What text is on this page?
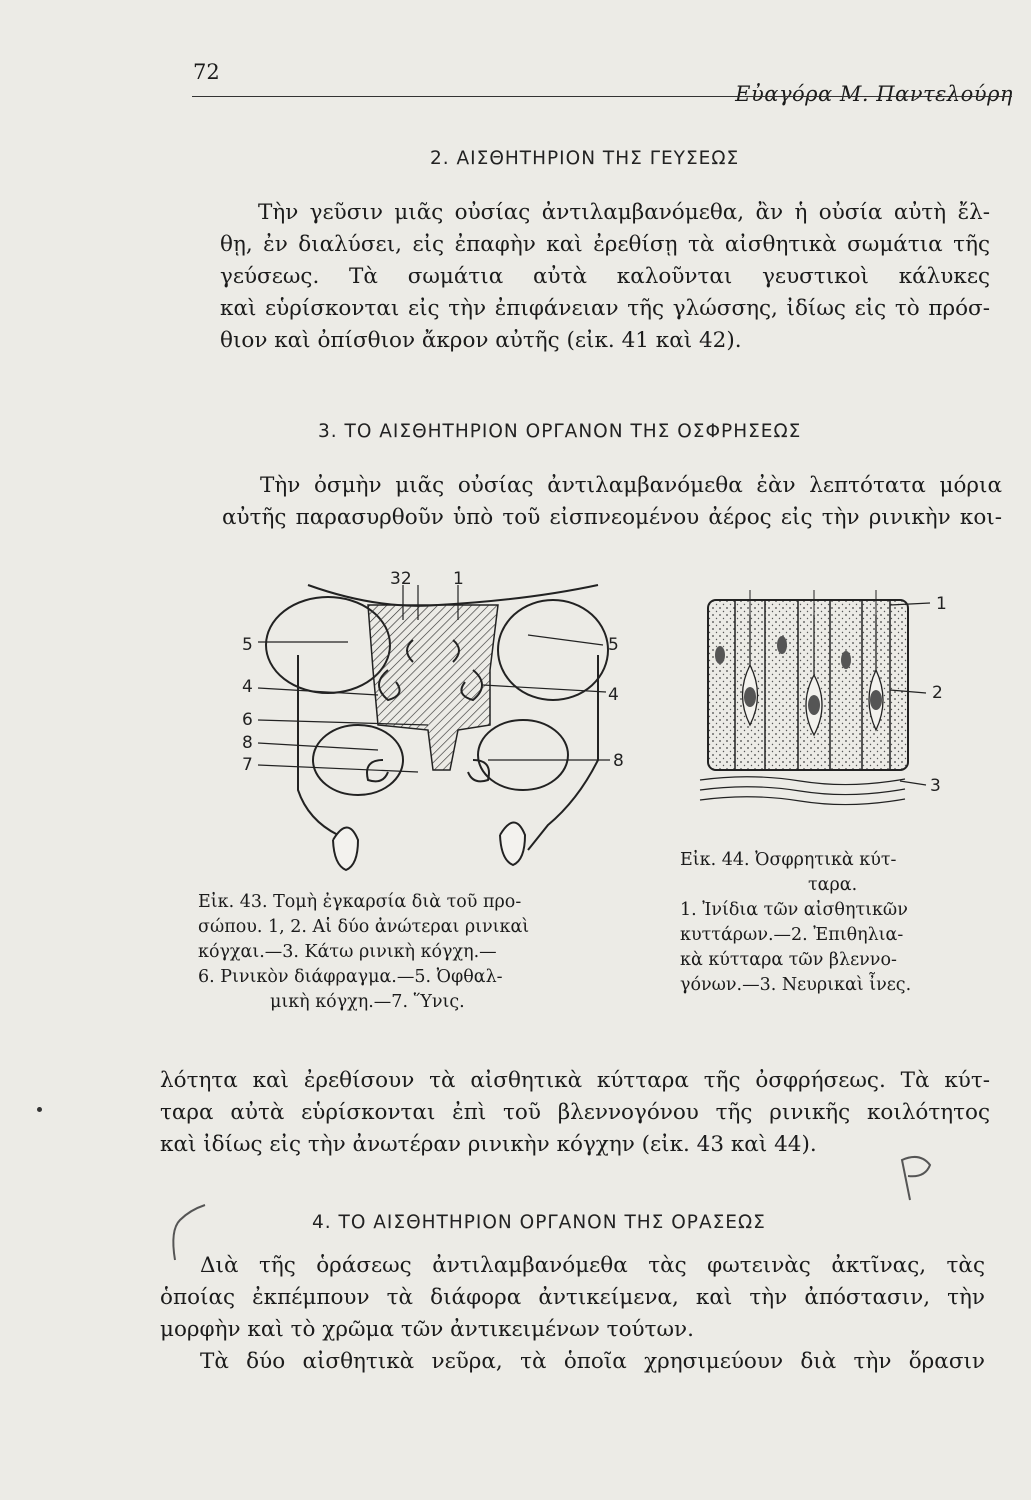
72
Εὐαγόρα Μ. Παντελούρη
2. ΑΙΣΘΗΤΗΡΙΟΝ ΤΗΣ ΓΕΥΣΕΩΣ
Τὴν γεῦσιν μιᾶς οὐσίας ἀντιλαμβανόμεθα, ἂν ἡ οὐσία αὐτὴ ἔλ-
θῃ, ἐν διαλύσει, εἰς ἐπαφὴν καὶ ἐρεθίσῃ τὰ αἰσθητικὰ σωμάτια τῆς
γεύσεως. Τὰ σωμάτια αὐτὰ καλοῦνται γευστικοὶ κάλυκες
καὶ εὑρίσκονται εἰς τὴν ἐπιφάνειαν τῆς γλώσσης, ἰδίως εἰς τὸ πρόσ-
θιον καὶ ὀπίσθιον ἄκρον αὐτῆς (εἰκ. 41 καὶ 42).
3. ΤΟ ΑΙΣΘΗΤΗΡΙΟΝ ΟΡΓΑΝΟΝ ΤΗΣ ΟΣΦΡΗΣΕΩΣ
Τὴν ὀσμὴν μιᾶς οὐσίας ἀντιλαμβανόμεθα ἐὰν λεπτότατα μόρια
αὐτῆς παρασυρθοῦν ὑπὸ τοῦ εἰσπνεομένου ἀέρος εἰς τὴν ρινικὴν κοι-
32 1
5	5
4	4
6
8
8
7
Εἰκ. 43. Τομὴ ἐγκαρσία διὰ τοῦ προ-
σώπου. 1, 2. Αἱ δύο ἀνώτεραι ρινικαὶ
κόγχαι.—3. Κάτω ρινικὴ κόγχη.—
6. Ρινικὸν διάφραγμα.—5. Ὀφθαλ-
μικὴ κόγχη.—7. Ὕνις.
1
2
3
Εἰκ. 44. Ὀσφρητικὰ κύτ-
ταρα.
1. Ἰνίδια τῶν αἰσθητικῶν
κυττάρων.—2. Ἐπιθηλια-
κὰ κύτταρα τῶν βλεννο-
γόνων.—3. Νευρικαὶ ἶνες.
λότητα καὶ ἐρεθίσουν τὰ αἰσθητικὰ κύτταρα τῆς ὀσφρήσεως. Τὰ κύτ-
ταρα αὐτὰ εὑρίσκονται ἐπὶ τοῦ βλεννογόνου τῆς ρινικῆς κοιλότητος
καὶ ἰδίως εἰς τὴν ἀνωτέραν ρινικὴν κόγχην (εἰκ. 43 καὶ 44).
4. ΤΟ ΑΙΣΘΗΤΗΡΙΟΝ ΟΡΓΑΝΟΝ ΤΗΣ ΟΡΑΣΕΩΣ
Διὰ τῆς ὁράσεως ἀντιλαμβανόμεθα τὰς φωτεινὰς ἀκτῖνας, τὰς
ὁποίας ἐκπέμπουν τὰ διάφορα ἀντικείμενα, καὶ τὴν ἀπόστασιν, τὴν
μορφὴν καὶ τὸ χρῶμα τῶν ἀντικειμένων τούτων.
Τὰ δύο αἰσθητικὰ νεῦρα, τὰ ὁποῖα χρησιμεύουν διὰ τὴν ὅρασιν
